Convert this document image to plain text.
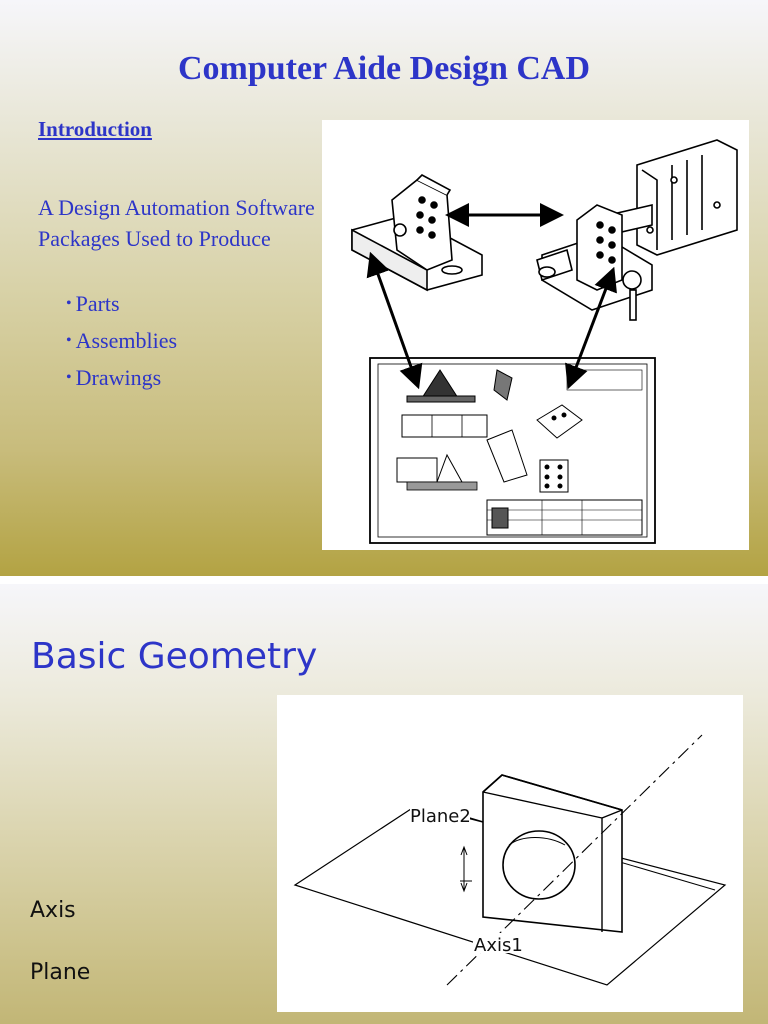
Computer Aide Design CAD
Introduction
A Design Automation Software Packages Used to Produce
• Parts
• Assemblies
• Drawings
Basic Geometry
Axis
Plane
Plane2
Axis1
